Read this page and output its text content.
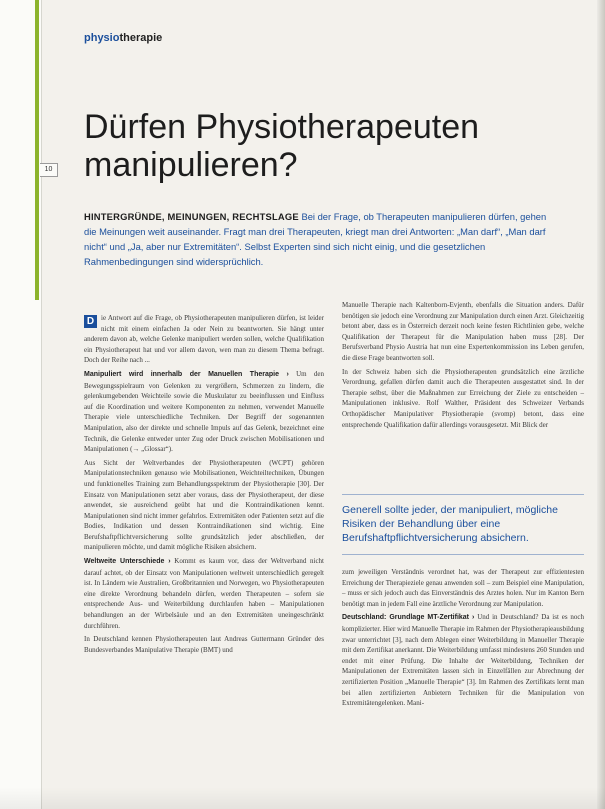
physiotherapie
10
Dürfen Physiotherapeuten
manipulieren?
HINTERGRÜNDE, MEINUNGEN, RECHTSLAGE Bei der Frage, ob Therapeuten manipulieren dürfen, gehen die Meinungen weit auseinander. Fragt man drei Therapeuten, kriegt man drei Antworten: „Man darf“, „Man darf nicht“ und „Ja, aber nur Extremitäten“. Selbst Experten sind sich nicht einig, und die gesetzlichen Rahmenbedingungen sind widersprüchlich.

D ie Antwort auf die Frage, ob Physiotherapeuten manipulieren dürfen, ist leider nicht mit einem einfachen Ja oder Nein zu beantworten. Sie hängt unter anderem davon ab, welche Gelenke manipuliert werden sollen, welche Qualifikation ein Physiotherapeut hat und vor allem davon, wen man zu diesem Thema befragt. Doch der Reihe nach ...

Manipuliert wird innerhalb der Manuellen Therapie › Um den Bewegungsspielraum von Gelenken zu vergrößern, Schmerzen zu lindern, die gelenkumgebenden Weichteile sowie die Muskulatur zu beeinflussen und Einfluss auf die Koordination und weitere Komponenten zu nehmen, verwendet Manuelle Therapie viele unterschiedliche Techniken. Der Begriff der sogenannten Manipulation, also der direkte und schnelle Impuls auf das Gelenk, bezeichnet eine Technik, die Gelenke entweder unter Zug oder Druck zwischen Mobilisationen und Manipulationen (→ „Glossar“).

Aus Sicht der Weltverbandes der Physiotherapeuten (WCPT) gehören Manipulationstechniken genauso wie Mobilisationen, Weichteiltechniken, Übungen und funktionelles Training zum Behandlungsspektrum der Physiotherapie [30]. Der Einsatz von Manipulationen setzt aber voraus, dass der Physiotherapeut, der diese anwendet, sie ausreichend geübt hat und die Kontraindikationen kennt. Manipulationen sind nicht immer gefahrlos. Extremitäten oder Patienten setzt auf die Bodies, Indikation und dessen Kontraindikationen sind wichtig. Eine Berufshaftpflichtversicherung sollte grundsätzlich jeder abschließen, der manipulieren möchte, und damit mögliche Risiken absichern.

Weltweite Unterschiede › Kommt es kaum vor, dass der Weltverband nicht darauf achtet, ob der Einsatz von Manipulationen weltweit unterschiedlich geregelt ist. In Ländern wie Australien, Großbritannien und Norwegen, wo Physiotherapeuten eine direkte Verordnung behandeln dürfen, werden Therapeuten – sofern sie entsprechende Aus- und Weiterbildung durchlaufen haben – Manipulationen behandlungen an der Wirbelsäule und an den Extremitäten uneingeschränkt durchführen.

In Deutschland kennen Physiotherapeuten laut Andreas Guttermann Gründer des Bundesverbandes Manipulative Therapie (BMT) und

Manuelle Therapie nach Kaltenborn-Evjenth, ebenfalls die Situation anders. Dafür benötigen sie jedoch eine Verordnung zur Manipulation durch einen Arzt. Gleichzeitig betont aber, dass es in Österreich derzeit noch keine festen Richtlinien gebe, welche Qualifikation der Therapeut für die Manipulation haben muss [28]. Der Berufsverband Physio Austria hat nun eine Expertenkommission ins Leben gerufen, die diese Frage beantworten soll.

In der Schweiz haben sich die Physiotherapeuten grundsätzlich eine ärztliche Verordnung, gefallen dürfen damit auch die Therapeuten ausgestattet sind. In der Therapie selbst, über die Maßnahmen zur Erreichung der Ziele zu entscheiden – Manipulationen inklusive. Rolf Walther, Präsident des Schweizer Verbands Orthopädischer Manipulativer Physiotherapie (svomp) betont, dass eine entsprechende Qualifikation dafür allerdings vorausgesetzt. Mit Blick der

Generell sollte jeder, der manipuliert, mögliche Risiken der Behandlung über eine Berufshaftpflichtversicherung absichern.

zum jeweiligen Verständnis verordnet hat, was der Therapeut zur effizientesten Erreichung der Therapieziele genau anwenden soll – zum Beispiel eine Manipulation, – muss er sich jedoch auch das Einverständnis des Arztes holen. Nur im Kanton Bern benötigt man in jedem Fall eine ärztliche Verordnung zur Manipulation.

Deutschland: Grundlage MT-Zertifikat › Und in Deutschland? Da ist es noch komplizierter. Hier wird Manuelle Therapie im Rahmen der Physiotherapieausbildung zwar unterrichtet [3], nach dem Ablegen einer Weiterbildung in Manueller Therapie mit dem Zertifikat anerkannt. Die Weiterbildung umfasst mindestens 260 Stunden und endet mit einer Prüfung. Die Inhalte der Weiterbildung, Techniken der Manipulationen der Extremitäten lassen sich in Einzelfällen zur Abrechnung der zertifizierten Position „Manuelle Therapie“ [3]. Im Rahmen des Zertifikats lernt man bei allen zertifizierten Anbietern Techniken für die Manipulation von Extremitätengelenken. Mani-
